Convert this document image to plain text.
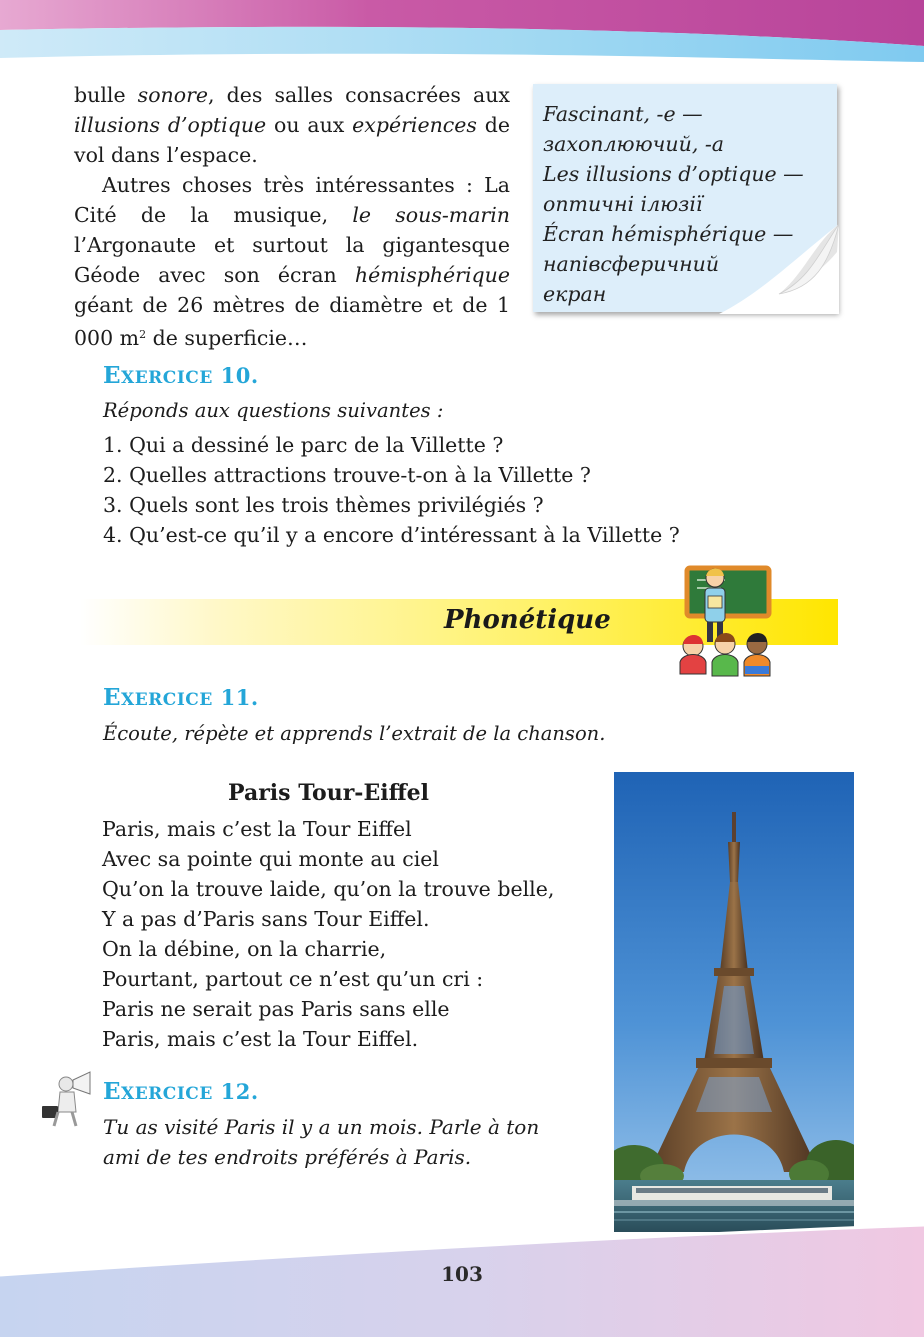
bulle sonore, des salles consacrées aux illusions d’optique ou aux expériences de vol dans l’espace.

Autres choses très intéressantes : La Cité de la musique, le sous-marin l’Argonaute et surtout la gigantesque Géode avec son écran hémisphérique géant de 26 mètres de diamètre et de 1 000 $m^2$ de superficie…

Fascinant, -e —
захоплюючий, -а
Les illusions d’optique —
оптичні ілюзії
Écran hémisphérique —
напівсферичний
екран
EXERCICE 10.
Réponds aux questions suivantes :
1. Qui a dessiné le parc de la Villette ?
2. Quelles attractions trouve-t-on à la Villette ?
3. Quels sont les trois thèmes privilégiés ?
4. Qu’est-ce qu’il y a encore d’intéressant à la Villette ?
Phonétique
EXERCICE 11.
Écoute, répète et apprends l’extrait de la chanson.
Paris Tour-Eiffel
Paris, mais c’est la Tour Eiffel
Avec sa pointe qui monte au ciel
Qu’on la trouve laide, qu’on la trouve belle,
Y a pas d’Paris sans Tour Eiffel.
On la débine, on la charrie,
Pourtant, partout ce n’est qu’un cri :
Paris ne serait pas Paris sans elle
Paris, mais c’est la Tour Eiffel.
EXERCICE 12.
Tu as visité Paris il y a un mois. Parle à ton
ami de tes endroits préférés à Paris.
103
